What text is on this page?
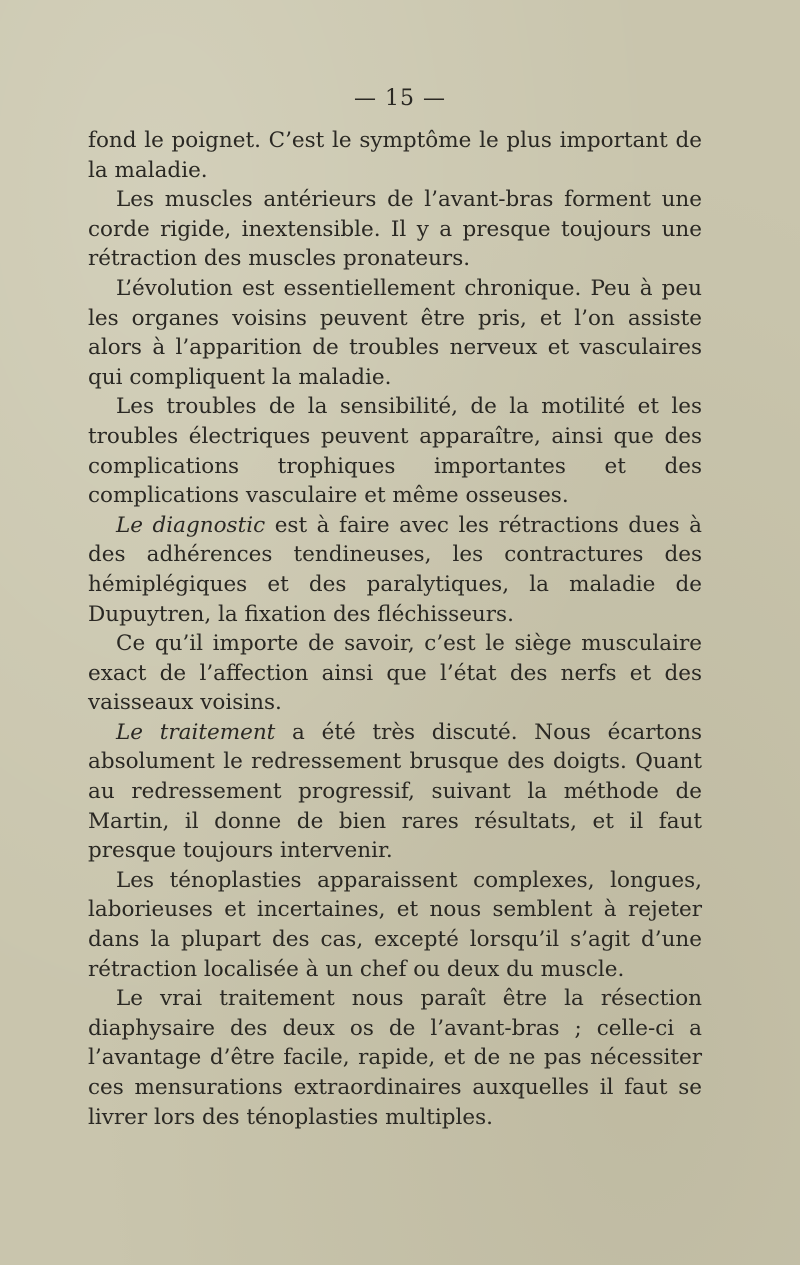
— 15 —

fond le poignet. C’est le symptôme le plus important de la maladie.

Les muscles antérieurs de l’avant-bras forment une corde rigide, inextensible. Il y a presque toujours une rétraction des muscles pronateurs.

L’évolution est essentiellement chronique. Peu à peu les organes voisins peuvent être pris, et l’on assiste alors à l’apparition de troubles nerveux et vasculaires qui compliquent la maladie.

Les troubles de la sensibilité, de la motilité et les troubles électriques peuvent apparaître, ainsi que des complications trophiques importantes et des complications vasculaire et même osseuses.

Le diagnostic est à faire avec les rétractions dues à des adhérences tendineuses, les contractures des hémiplégiques et des paralytiques, la maladie de Dupuytren, la fixation des fléchisseurs.

Ce qu’il importe de savoir, c’est le siège musculaire exact de l’affection ainsi que l’état des nerfs et des vaisseaux voisins.

Le traitement a été très discuté. Nous écartons absolument le redressement brusque des doigts. Quant au redressement progressif, suivant la méthode de Martin, il donne de bien rares résultats, et il faut presque toujours intervenir.

Les ténoplasties apparaissent complexes, longues, laborieuses et incertaines, et nous semblent à rejeter dans la plupart des cas, excepté lorsqu’il s’agit d’une rétraction localisée à un chef ou deux du muscle.

Le vrai traitement nous paraît être la résection diaphysaire des deux os de l’avant-bras ; celle-ci a l’avantage d’être facile, rapide, et de ne pas nécessiter ces mensurations extraordinaires auxquelles il faut se livrer lors des ténoplasties multiples.
